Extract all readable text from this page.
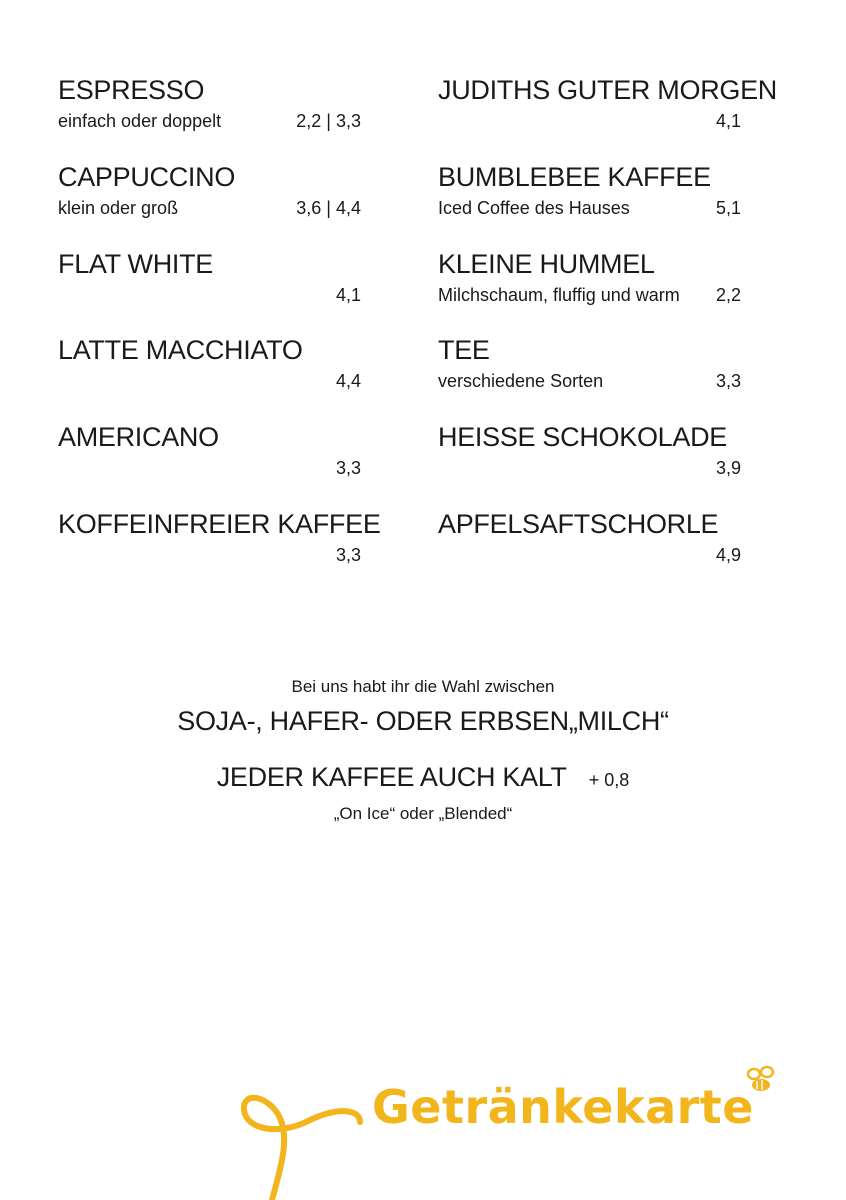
ESPRESSO
einfach oder doppelt	2,2 | 3,3
CAPPUCCINO
klein oder groß	3,6 | 4,4
FLAT WHITE
4,1
LATTE MACCHIATO
4,4
AMERICANO
3,3
KOFFEINFREIER KAFFEE
3,3
JUDITHS GUTER MORGEN
4,1
BUMBLEBEE KAFFEE
Iced Coffee des Hauses	5,1
KLEINE HUMMEL
Milchschaum, fluffig und warm 2,2
TEE
verschiedene Sorten	3,3
HEISSE SCHOKOLADE
3,9
APFELSAFTSCHORLE
4,9
Bei uns habt ihr die Wahl zwischen
SOJA-, HAFER- ODER ERBSEN„MILCH“
JEDER KAFFEE AUCH KALT + 0,8
„On Ice“ oder „Blended“
Getränkekarte
